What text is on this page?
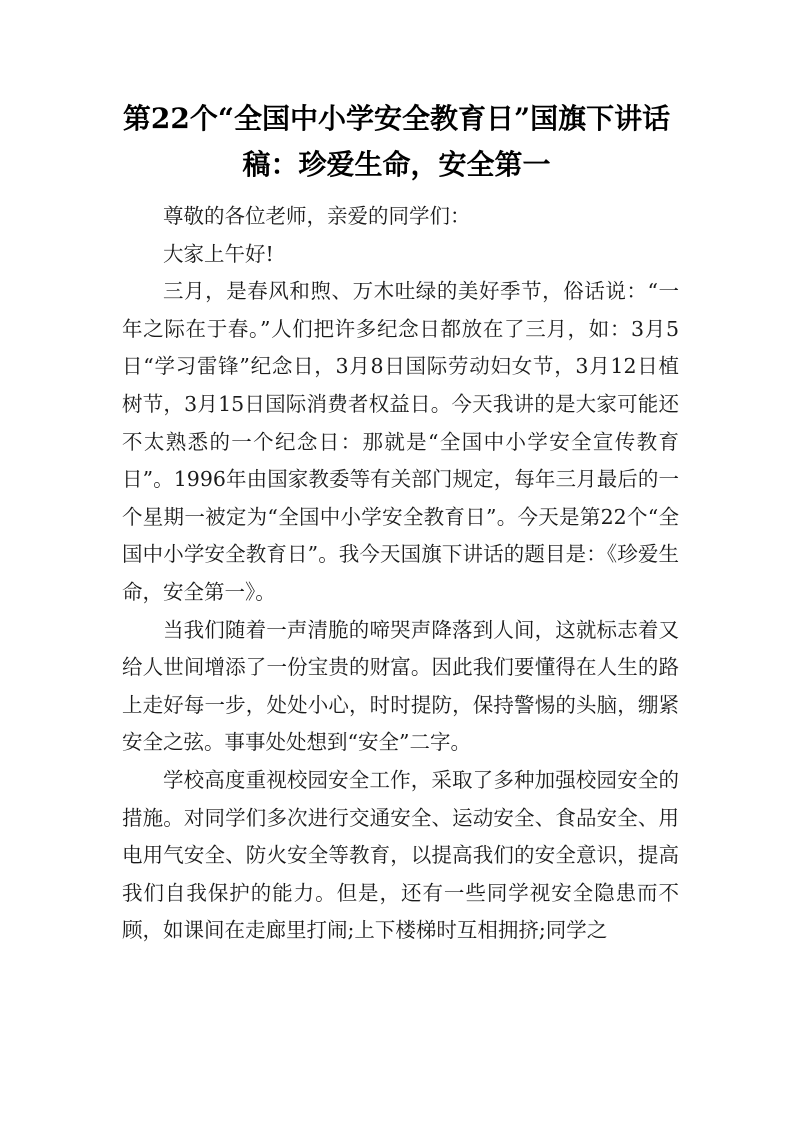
第22个“全国中小学安全教育日”国旗下讲话稿：珍爱生命，安全第一

尊敬的各位老师，亲爱的同学们：

大家上午好!

三月，是春风和煦、万木吐绿的美好季节，俗话说：“一年之际在于春。”人们把许多纪念日都放在了三月，如：3月5日“学习雷锋”纪念日，3月8日国际劳动妇女节，3月12日植树节，3月15日国际消费者权益日。今天我讲的是大家可能还不太熟悉的一个纪念日：那就是“全国中小学安全宣传教育日”。1996年由国家教委等有关部门规定，每年三月最后的一个星期一被定为“全国中小学安全教育日”。今天是第22个“全国中小学安全教育日”。我今天国旗下讲话的题目是：《珍爱生命，安全第一》。

当我们随着一声清脆的啼哭声降落到人间，这就标志着又给人世间增添了一份宝贵的财富。因此我们要懂得在人生的路上走好每一步，处处小心，时时提防，保持警惕的头脑，绷紧安全之弦。事事处处想到“安全”二字。

学校高度重视校园安全工作，采取了多种加强校园安全的措施。对同学们多次进行交通安全、运动安全、食品安全、用电用气安全、防火安全等教育，以提高我们的安全意识，提高我们自我保护的能力。但是，还有一些同学视安全隐患而不顾，如课间在走廊里打闹;上下楼梯时互相拥挤;同学之
